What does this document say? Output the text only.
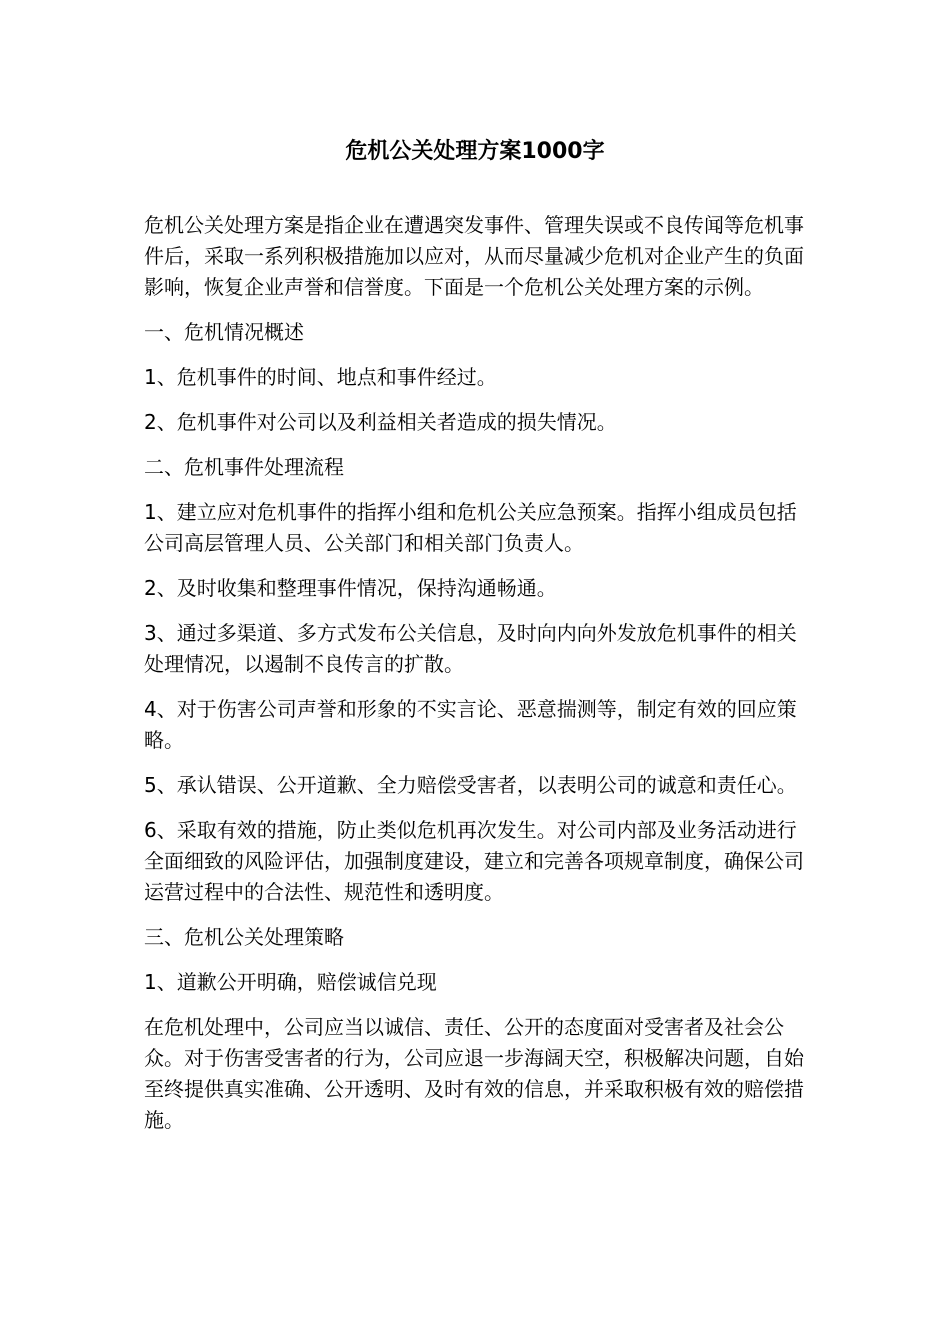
危机公关处理方案1000字

危机公关处理方案是指企业在遭遇突发事件、管理失误或不良传闻等危机事件后，采取一系列积极措施加以应对，从而尽量减少危机对企业产生的负面影响，恢复企业声誉和信誉度。下面是一个危机公关处理方案的示例。

一、危机情况概述

1、危机事件的时间、地点和事件经过。

2、危机事件对公司以及利益相关者造成的损失情况。

二、危机事件处理流程

1、建立应对危机事件的指挥小组和危机公关应急预案。指挥小组成员包括公司高层管理人员、公关部门和相关部门负责人。

2、及时收集和整理事件情况，保持沟通畅通。

3、通过多渠道、多方式发布公关信息，及时向内向外发放危机事件的相关处理情况，以遏制不良传言的扩散。

4、对于伤害公司声誉和形象的不实言论、恶意揣测等，制定有效的回应策略。

5、承认错误、公开道歉、全力赔偿受害者，以表明公司的诚意和责任心。

6、采取有效的措施，防止类似危机再次发生。对公司内部及业务活动进行全面细致的风险评估，加强制度建设，建立和完善各项规章制度，确保公司运营过程中的合法性、规范性和透明度。

三、危机公关处理策略

1、道歉公开明确，赔偿诚信兑现

在危机处理中，公司应当以诚信、责任、公开的态度面对受害者及社会公众。对于伤害受害者的行为，公司应退一步海阔天空，积极解决问题，自始至终提供真实准确、公开透明、及时有效的信息，并采取积极有效的赔偿措施。
